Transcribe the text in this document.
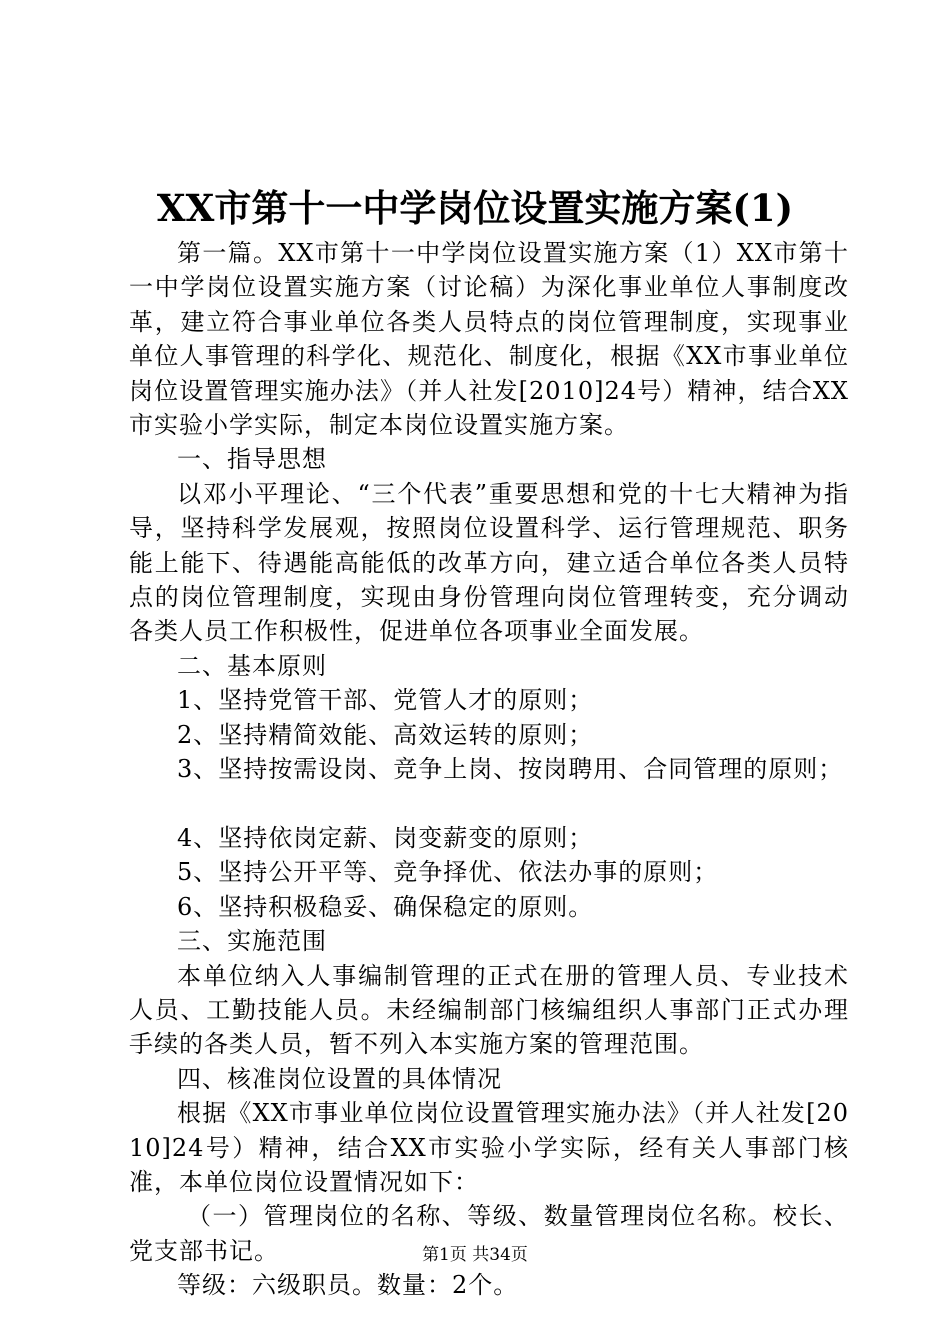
XX市第十一中学岗位设置实施方案(1)

第一篇。XX市第十一中学岗位设置实施方案（1）XX市第十一中学岗位设置实施方案（讨论稿）为深化事业单位人事制度改革，建立符合事业单位各类人员特点的岗位管理制度，实现事业单位人事管理的科学化、规范化、制度化，根据《XX市事业单位岗位设置管理实施办法》（并人社发[2010]24号）精神，结合XX市实验小学实际，制定本岗位设置实施方案。

一、指导思想

以邓小平理论、“三个代表”重要思想和党的十七大精神为指导，坚持科学发展观，按照岗位设置科学、运行管理规范、职务能上能下、待遇能高能低的改革方向，建立适合单位各类人员特点的岗位管理制度，实现由身份管理向岗位管理转变，充分调动各类人员工作积极性，促进单位各项事业全面发展。

二、基本原则

1、坚持党管干部、党管人才的原则；

2、坚持精简效能、高效运转的原则；

3、坚持按需设岗、竞争上岗、按岗聘用、合同管理的原则；

4、坚持依岗定薪、岗变薪变的原则；

5、坚持公开平等、竞争择优、依法办事的原则；

6、坚持积极稳妥、确保稳定的原则。

三、实施范围

本单位纳入人事编制管理的正式在册的管理人员、专业技术人员、工勤技能人员。未经编制部门核编组织人事部门正式办理手续的各类人员，暂不列入本实施方案的管理范围。

四、核准岗位设置的具体情况

根据《XX市事业单位岗位设置管理实施办法》（并人社发[2010]24号）精神，结合XX市实验小学实际，经有关人事部门核准，本单位岗位设置情况如下：

（一）管理岗位的名称、等级、数量管理岗位名称。校长、党支部书记。

等级：六级职员。数量：2个。

第1页 共34页
